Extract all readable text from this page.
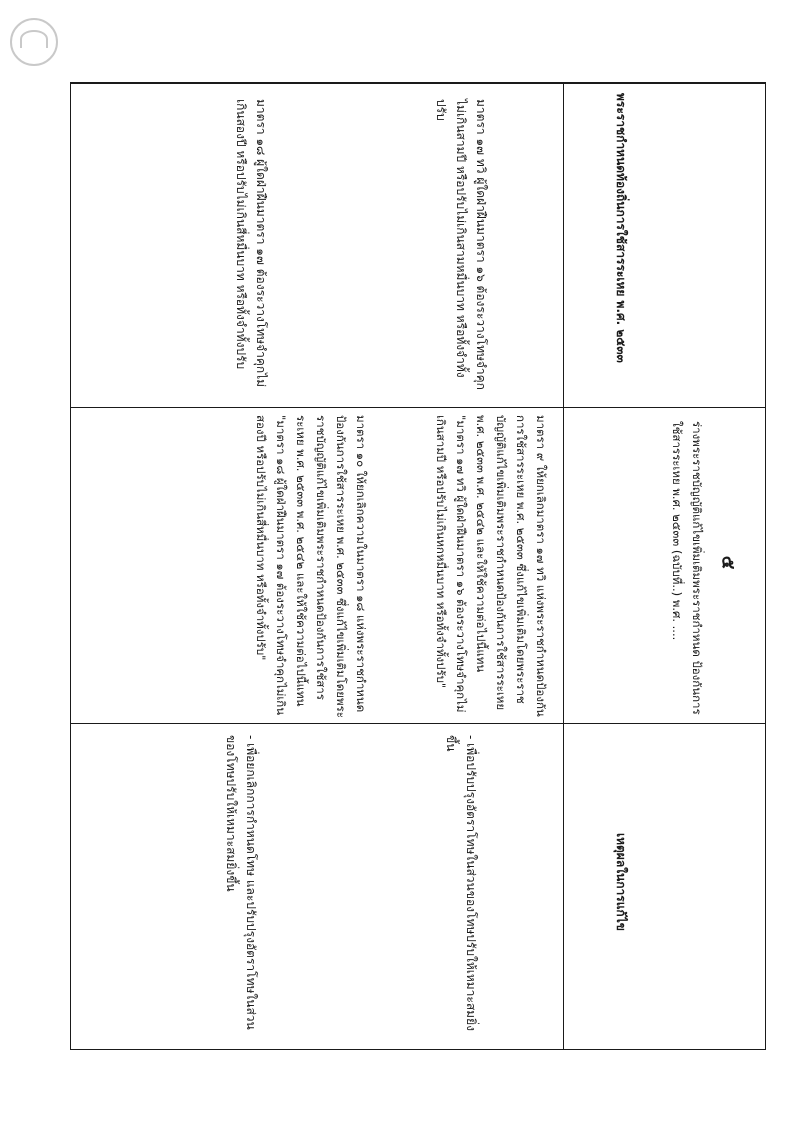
๕
พระราชกำหนดท้องถิ่นการใช้สารระเหย พ.ศ. ๒๕๓๓
ร่างพระราชบัญญัติแก้ไขเพิ่มเติมพระราชกำหนด ป้องกันการใช้สารระเหย พ.ศ. ๒๕๓๓ (ฉบับที่..) พ.ศ. ....
เหตุผลในการแก้ไข
มาตรา ๑๗ ทวิ ผู้ใดฝ่าฝืนมาตรา ๑๖ ต้องระวางโทษจำคุกไม่เกินสามปี หรือปรับไม่เกินสามหมื่นบาท หรือทั้งจำทั้งปรับ
มาตรา ๙ ให้ยกเลิกมาตรา ๑๗ ทวิ แห่งพระราชกำหนดป้องกันการใช้สารระเหย พ.ศ. ๒๕๓๓ ซึ่งแก้ไขเพิ่มเติมโดยพระราชบัญญัติแก้ไขเพิ่มเติมพระราชกำหนดป้องกันการใช้สารระเหย พ.ศ. ๒๕๓๓ พ.ศ. ๒๕๔๒ และให้ใช้ความต่อไปนี้แทน
"มาตรา ๑๗ ทวิ ผู้ใดฝ่าฝืนมาตรา ๑๖ ต้องระวางโทษจำคุกไม่เกินสามปี หรือปรับไม่เกินหกหมื่นบาท หรือทั้งจำทั้งปรับ"
- เพื่อปรับปรุงอัตราโทษในส่วนของโทษปรับให้เหมาะสมยิ่งขึ้น
มาตรา ๑๘ ผู้ใดฝ่าฝืนมาตรา ๑๗ ต้องระวางโทษจำคุกไม่เกินสองปี หรือปรับไม่เกินสี่หมื่นบาท หรือทั้งจำทั้งปรับ
มาตรา ๑๐ ให้ยกเลิกความในมาตรา ๑๘ แห่งพระราชกำหนดป้องกันการใช้สารระเหย พ.ศ. ๒๕๓๓ ซึ่งแก้ไขเพิ่มเติมโดยพระราชบัญญัติแก้ไขเพิ่มเติมพระราชกำหนดป้องกันการใช้สารระเหย พ.ศ. ๒๕๓๓ พ.ศ. ๒๕๔๒ และให้ใช้ความต่อไปนี้แทน
"มาตรา ๑๘ ผู้ใดฝ่าฝืนมาตรา ๑๗ ต้องระวางโทษจำคุกไม่เกินสองปี หรือปรับไม่เกินสี่หมื่นบาท หรือทั้งจำทั้งปรับ"
- เพื่อยกเลิกการกำหนดโทษ และปรับปรุงอัตราโทษในส่วนของโทษปรับให้เหมาะสมยิ่งขึ้น
